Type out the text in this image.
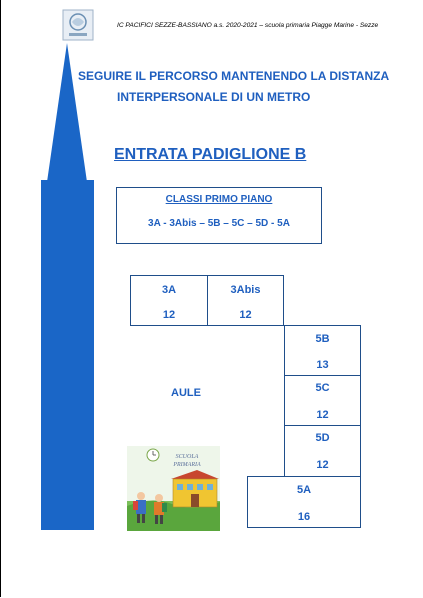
IC PACIFICI SEZZE-BASSIANO a.s. 2020-2021 – scuola primaria Piagge Marine - Sezze
SEGUIRE IL PERCORSO MANTENENDO LA DISTANZA
INTERPERSONALE DI UN METRO
ENTRATA PADIGLIONE B
CLASSI PRIMO PIANO
3A - 3Abis – 5B – 5C – 5D - 5A
3A
12
3Abis
12
5B
13
5C
12
5D
12
5A
16
AULE
SCUOLA
PRIMARIA
